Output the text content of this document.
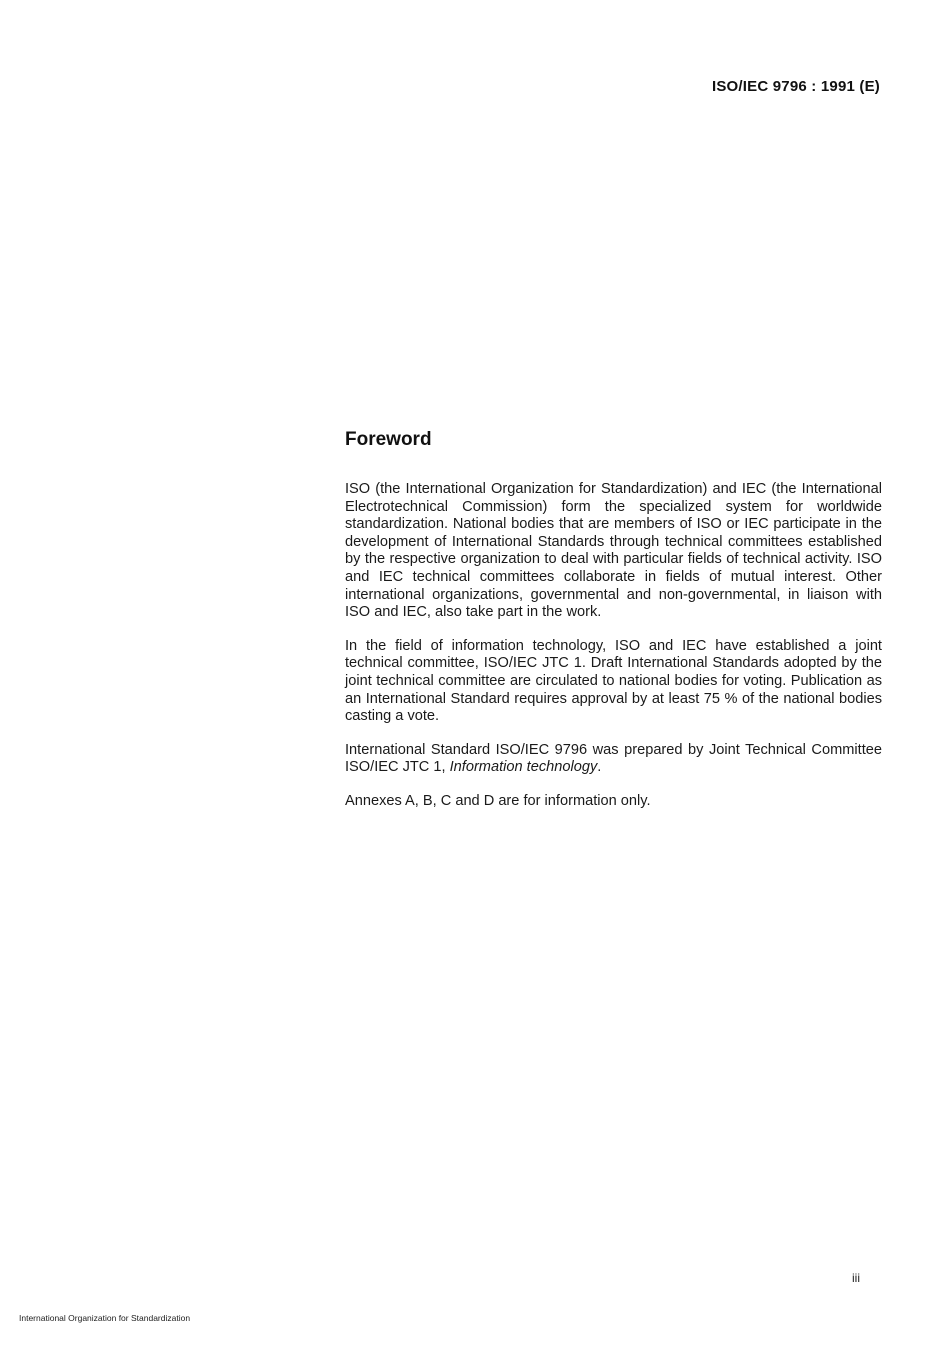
ISO/IEC 9796 : 1991 (E)
Foreword

ISO (the International Organization for Standardization) and IEC (the International Electrotechnical Commission) form the specialized system for worldwide standardization. National bodies that are members of ISO or IEC participate in the development of International Standards through technical committees established by the respective organization to deal with particular fields of technical activity. ISO and IEC technical committees collaborate in fields of mutual interest. Other international organizations, governmental and non-governmental, in liaison with ISO and IEC, also take part in the work.

In the field of information technology, ISO and IEC have established a joint technical committee, ISO/IEC JTC 1. Draft International Standards adopted by the joint technical committee are circulated to national bodies for voting. Publication as an International Standard requires approval by at least 75 % of the national bodies casting a vote.

International Standard ISO/IEC 9796 was prepared by Joint Technical Committee ISO/IEC JTC 1, Information technology.

Annexes A, B, C and D are for information only.

iii
International Organization for Standardization
